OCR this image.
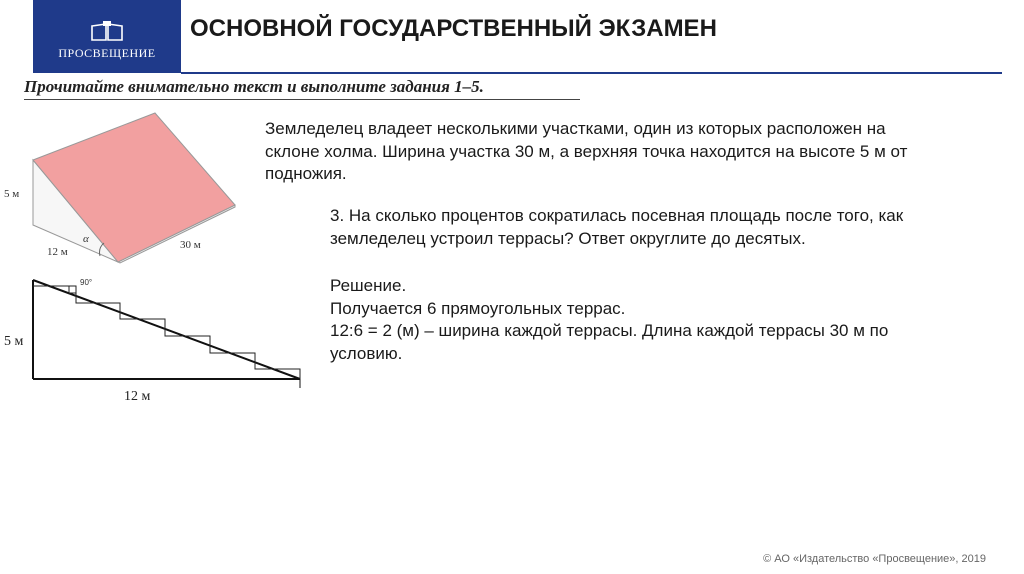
ПРОСВЕЩЕНИЕ
ОСНОВНОЙ ГОСУДАРСТВЕННЫЙ ЭКЗАМЕН
Прочитайте внимательно текст и выполните задания 1–5.
Земледелец владеет несколькими участками, один из которых расположен на
склоне холма. Ширина участка 30 м, а верхняя точка находится на высоте 5 м от
подножия.
3. На сколько процентов сократилась посевная площадь после того, как
земледелец устроил террасы? Ответ округлите до десятых.
Решение.
Получается 6 прямоугольных террас.
12:6 = 2 (м) – ширина каждой террасы. Длина каждой террасы 30 м по
условию.
5 м
12 м
α	30 м
90°
5 м
12 м
© АО «Издательство «Просвещение», 2019
